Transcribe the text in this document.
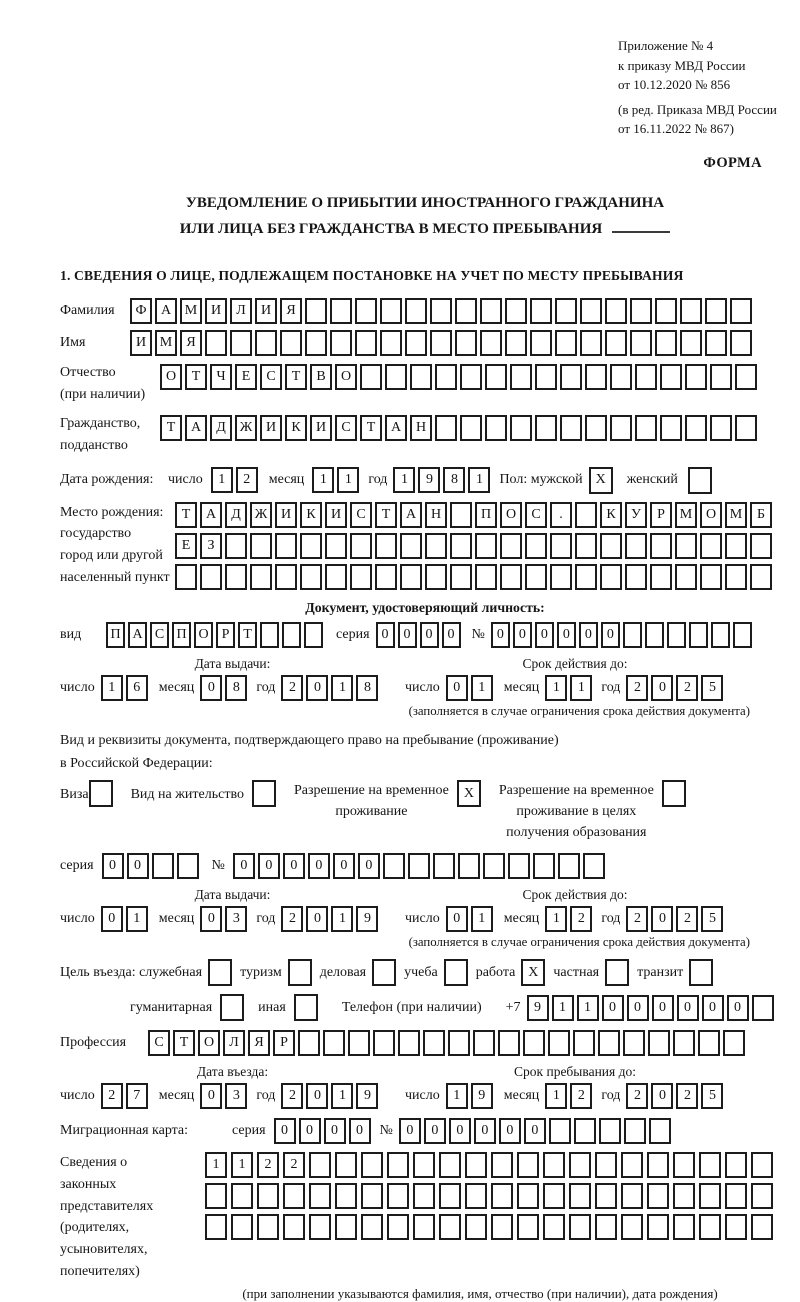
Приложение № 4
к приказу МВД России
от 10.12.2020 № 856
(в ред. Приказа МВД России
от 16.11.2022 № 867)
ФОРМА
УВЕДОМЛЕНИЕ О ПРИБЫТИИ ИНОСТРАННОГО ГРАЖДАНИНА
ИЛИ ЛИЦА БЕЗ ГРАЖДАНСТВА В МЕСТО ПРЕБЫВАНИЯ
1. СВЕДЕНИЯ О ЛИЦЕ, ПОДЛЕЖАЩЕМ ПОСТАНОВКЕ НА УЧЕТ ПО МЕСТУ ПРЕБЫВАНИЯ
Фамилия	Ф	А М И	Л	И	Я
Имя	И М	Я
Отчество
(при наличии)
О	Т	Ч	Е	С	Т	В	О
Гражданство,
подданство
Т	А	Д Ж И	К	И	С	Т	А	Н
Дата рождения:	число	1	2	месяц	1	1	год 1	9	8	1	Пол: мужской X	женский
Место рождения:
государство
город или другой
населенный пункт
Т	А	Д Ж И	К	И	С	Т	А	Н	П	О	С	.	К	У	Р	М О М	Б
Е	З
Документ, удостоверяющий личность:
вид	П А С П О Р Т	серия 0	0	0	0	№ 0	0	0	0	0	0
Дата выдачи:	Срок действия до:
число 1	6	месяц 0	8	год 2	0	1	8	число 0	1	месяц 1	1	год 2	0	2	5
(заполняется в случае ограничения срока действия документа)
Вид и реквизиты документа, подтверждающего право на пребывание (проживание)
в Российской Федерации:
Виза	Вид на жительство	Разрешение на временное
проживание
X	Разрешение на временное
проживание в целях
получения образования
серия	0	0	№	0	0	0	0	0	0
Дата выдачи:	Срок действия до:
число 0	1	месяц 0	3	год 2	0	1	9	число 0	1	месяц 1	2	год 2	0	2	5
(заполняется в случае ограничения срока действия документа)
Цель въезда: служебная	туризм	деловая	учеба	работа X	частная	транзит
гуманитарная	иная	Телефон (при наличии) +7 9	1	1	0	0	0	0	0	0
Профессия	С	Т	О	Л	Я	Р
Дата въезда:	Срок пребывания до:
число 2	7	месяц 0	3	год 2	0	1	9	число 1	9	месяц 1	2	год 2	0	2	5
Миграционная карта:	серия	0	0	0	0	№ 0	0	0	0	0	0
Сведения о
законных
представителях
(родителях,
усыновителях,
попечителях)
1	1	2	2
(при заполнении указываются фамилия, имя, отчество (при наличии), дата рождения)
